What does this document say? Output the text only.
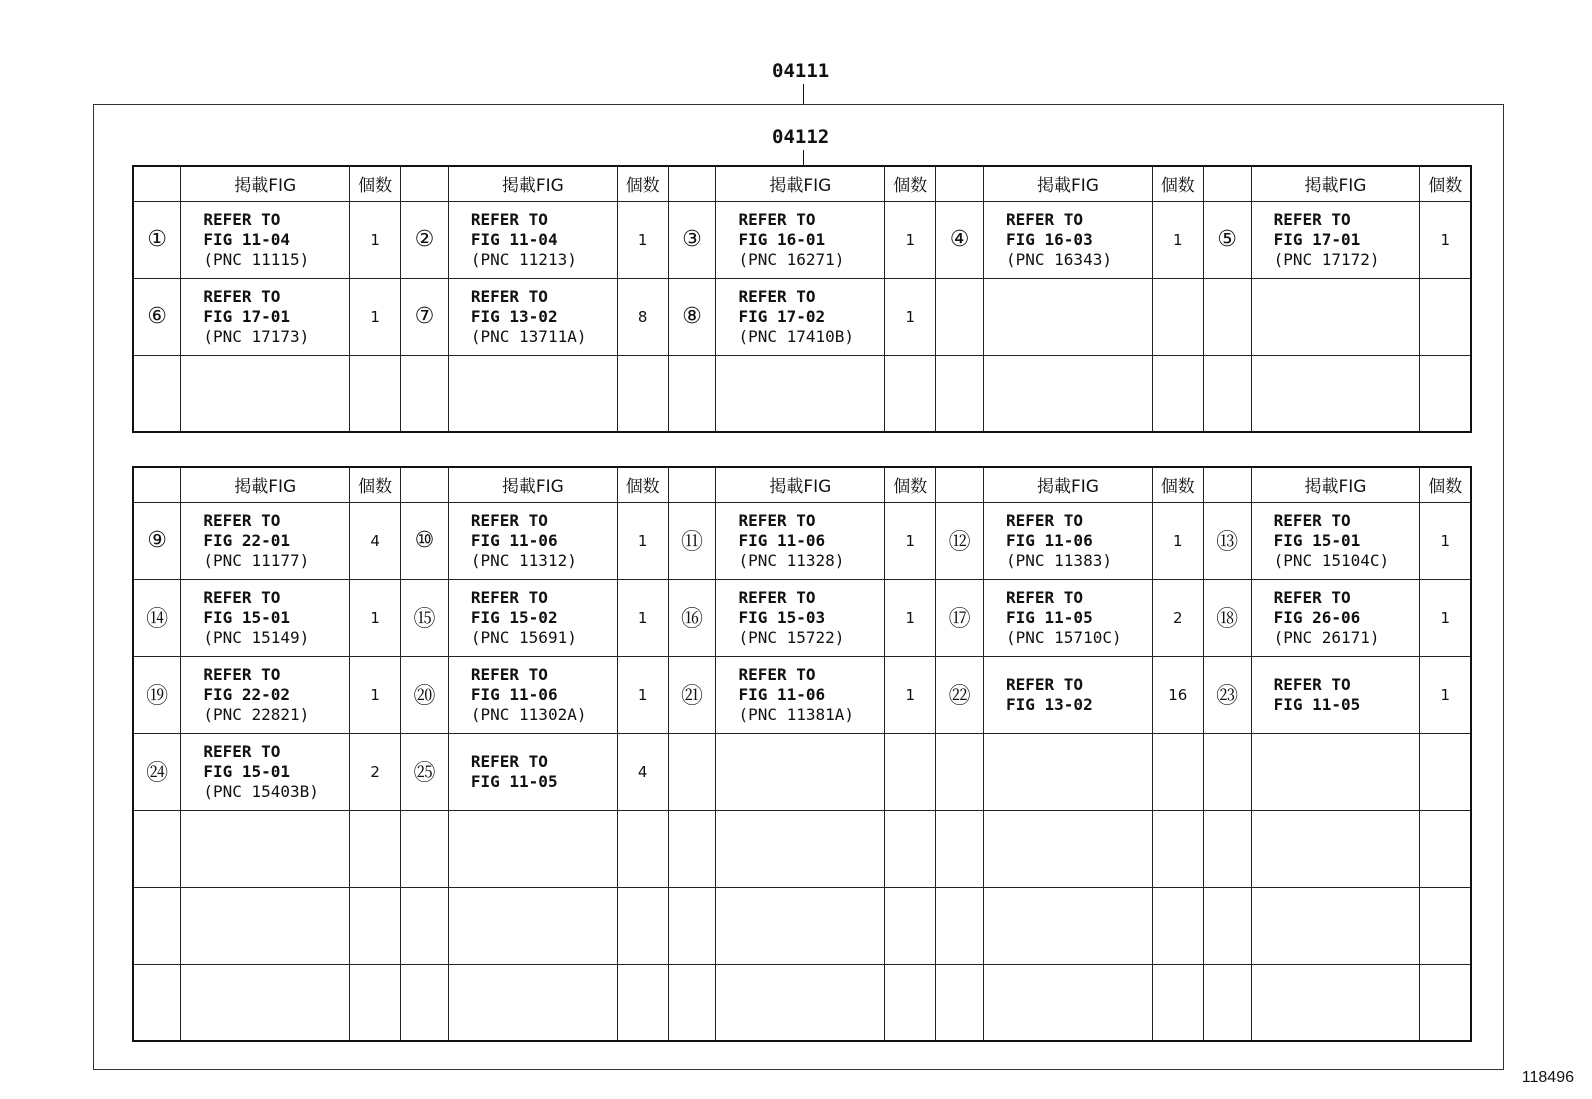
04111
04112
	掲載FIG	個数		掲載FIG	個数		掲載FIG	個数		掲載FIG	個数		掲載FIG	個数
①	REFER TO
FIG 11-04
(PNC 11115)	1	②	REFER TO
FIG 11-04
(PNC 11213)	1	③	REFER TO
FIG 16-01
(PNC 16271)	1	④	REFER TO
FIG 16-03
(PNC 16343)	1	⑤	REFER TO
FIG 17-01
(PNC 17172)	1
⑥	REFER TO
FIG 17-01
(PNC 17173)	1	⑦	REFER TO
FIG 13-02
(PNC 13711A)	8	⑧	REFER TO
FIG 17-02
(PNC 17410B)	1						

	掲載FIG	個数		掲載FIG	個数		掲載FIG	個数		掲載FIG	個数		掲載FIG	個数
⑨	REFER TO
FIG 22-01
(PNC 11177)	4	⑩	REFER TO
FIG 11-06
(PNC 11312)	1	⑪	REFER TO
FIG 11-06
(PNC 11328)	1	⑫	REFER TO
FIG 11-06
(PNC 11383)	1	⑬	REFER TO
FIG 15-01
(PNC 15104C)	1
⑭	REFER TO
FIG 15-01
(PNC 15149)	1	⑮	REFER TO
FIG 15-02
(PNC 15691)	1	⑯	REFER TO
FIG 15-03
(PNC 15722)	1	⑰	REFER TO
FIG 11-05
(PNC 15710C)	2	⑱	REFER TO
FIG 26-06
(PNC 26171)	1
⑲	REFER TO
FIG 22-02
(PNC 22821)	1	⑳	REFER TO
FIG 11-06
(PNC 11302A)	1	㉑	REFER TO
FIG 11-06
(PNC 11381A)	1	㉒	REFER TO
FIG 13-02	16	㉓	REFER TO
FIG 11-05	1
㉔	REFER TO
FIG 15-01
(PNC 15403B)	2	㉕	REFER TO
FIG 11-05	4									

118496
